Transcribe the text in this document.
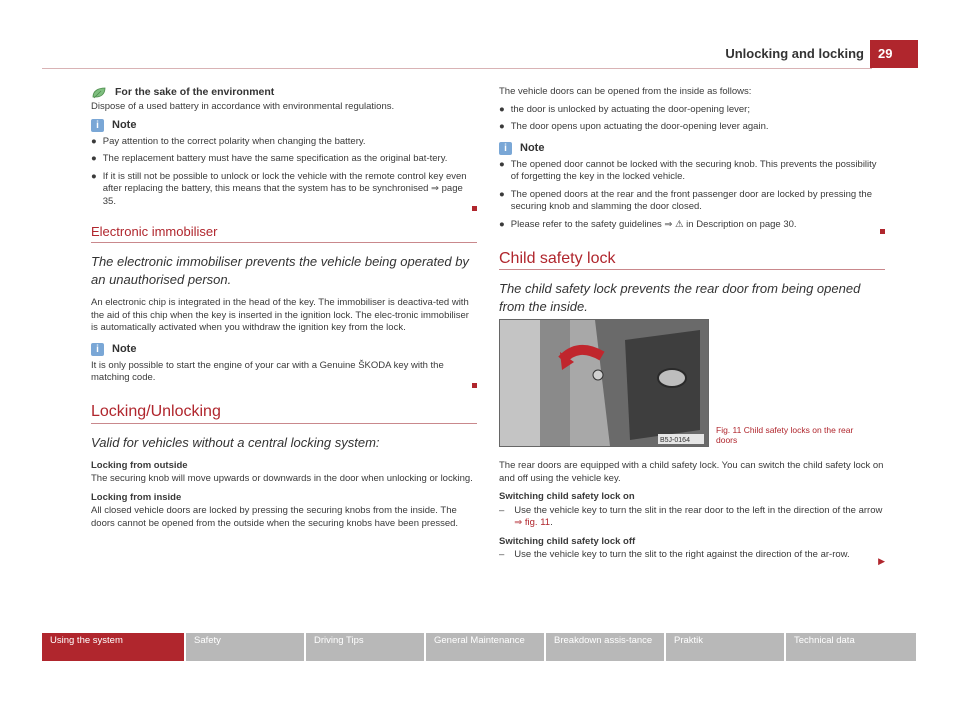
Unlocking and locking	29
For the sake of the environment

Dispose of a used battery in accordance with environmental regulations.

i	Note
● Pay attention to the correct polarity when changing the battery.
● The replacement battery must have the same specification as the original bat-tery.
● If it is still not be possible to unlock or lock the vehicle with the remote control key even after replacing the battery, this means that the system has to be synchronised ⇒ page 35.
Electronic immobiliser
The electronic immobiliser prevents the vehicle being operated by an unauthorised person.

An electronic chip is integrated in the head of the key. The immobiliser is deactiva-ted with the aid of this chip when the key is inserted in the ignition lock. The elec-tronic immobiliser is automatically activated when you withdraw the ignition key from the lock.

i	Note

It is only possible to start the engine of your car with a Genuine ŠKODA key with the matching code.

Locking/Unlocking
Valid for vehicles without a central locking system:
Locking from outside

The securing knob will move upwards or downwards in the door when unlocking or locking.

Locking from inside

All closed vehicle doors are locked by pressing the securing knobs from the inside. The doors cannot be opened from the outside when the securing knobs have been pressed.

The vehicle doors can be opened from the inside as follows:

● the door is unlocked by actuating the door-opening lever;
● The door opens upon actuating the door-opening lever again.
i	Note
● The opened door cannot be locked with the securing knob. This prevents the possibility of forgetting the key in the locked vehicle.
● The opened doors at the rear and the front passenger door are locked by pressing the securing knob and slamming the door closed.
● Please refer to the safety guidelines ⇒ ⚠ in Description on page 30.
Child safety lock
The child safety lock prevents the rear door from being opened from the inside.
B5J-0164
Fig. 11 Child safety locks on the rear doors

The rear doors are equipped with a child safety lock. You can switch the child safety lock on and off using the vehicle key.

Switching child safety lock on
– Use the vehicle key to turn the slit in the rear door to the left in the direction of the arrow ⇒ fig. 11.
Switching child safety lock off
– Use the vehicle key to turn the slit to the right against the direction of the ar-row.
▶
Using the system	Safety	Driving Tips	General Maintenance	Breakdown assis-tance	Praktik	Technical data
